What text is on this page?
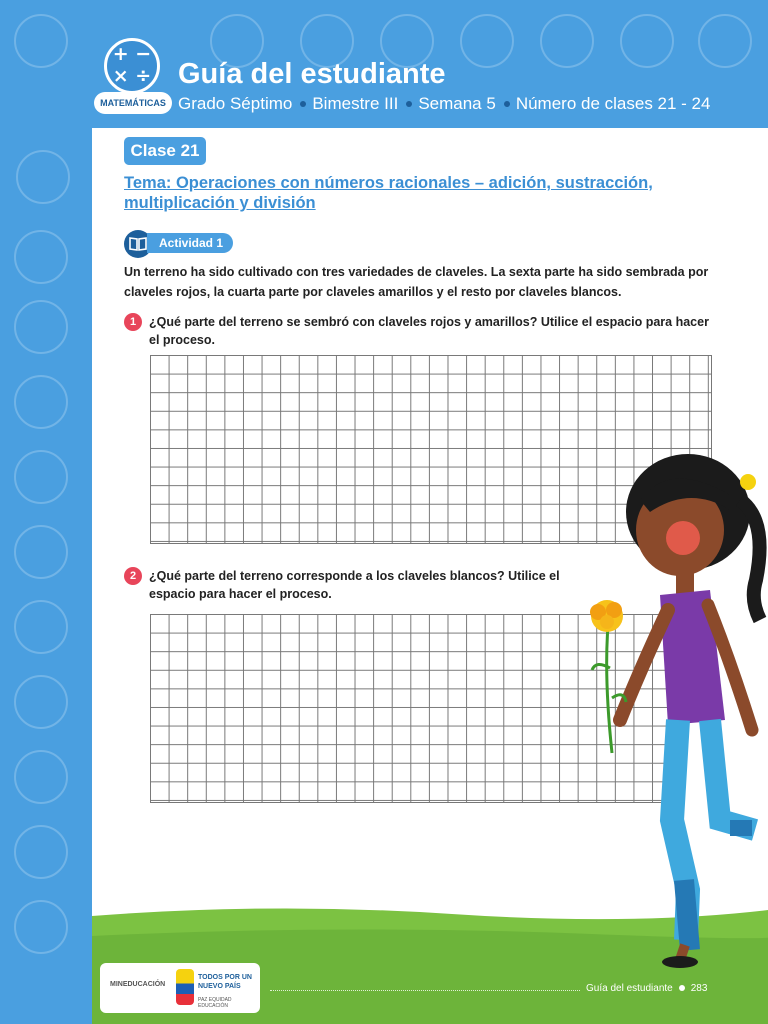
+ −
× ÷
MATEMÁTICAS
Guía del estudiante
Grado Séptimo Bimestre III Semana 5 Número de clases 21 - 24
Clase 21
Tema: Operaciones con números racionales – adición, sustracción, multiplicación y división
Actividad 1
Un terreno ha sido cultivado con tres variedades de claveles. La sexta parte ha sido sembrada por claveles rojos, la cuarta parte por claveles amarillos y el resto por claveles blancos.
1	¿Qué parte del terreno se sembró con claveles rojos y amarillos? Utilice el espacio para hacer el proceso.
2	¿Qué parte del terreno corresponde a los claveles blancos? Utilice el espacio para hacer el proceso.
MINEDUCACIÓN
TODOS POR UN NUEVO PAÍS
PAZ EQUIDAD EDUCACIÓN
Guía del estudiante 283
